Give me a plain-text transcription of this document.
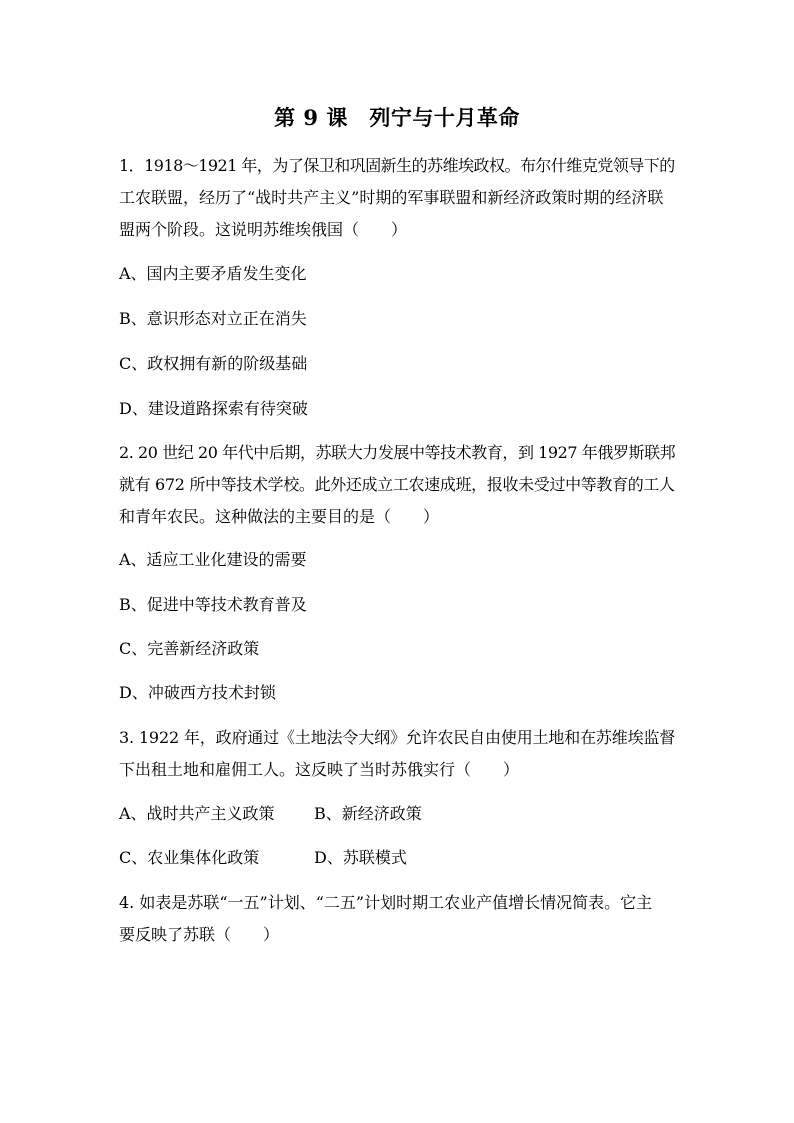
第 9 课　列宁与十月革命
1．1918～1921 年，为了保卫和巩固新生的苏维埃政权。布尔什维克党领导下的
工农联盟，经历了“战时共产主义”时期的军事联盟和新经济政策时期的经济联
盟两个阶段。这说明苏维埃俄国（　　）
A、国内主要矛盾发生变化
B、意识形态对立正在消失
C、政权拥有新的阶级基础
D、建设道路探索有待突破
2. 20 世纪 20 年代中后期，苏联大力发展中等技术教育，到 1927 年俄罗斯联邦
就有 672 所中等技术学校。此外还成立工农速成班，报收未受过中等教育的工人
和青年农民。这种做法的主要目的是（　　）
A、适应工业化建设的需要
B、促进中等技术教育普及
C、完善新经济政策
D、冲破西方技术封锁
3. 1922 年，政府通过《土地法令大纲》允许农民自由使用土地和在苏维埃监督
下出租土地和雇佣工人。这反映了当时苏俄实行（　　）
A、战时共产主义政策 B、新经济政策
C、农业集体化政策	D、苏联模式
4. 如表是苏联“一五”计划、“二五”计划时期工农业产值增长情况简表。它主
要反映了苏联（　　）
